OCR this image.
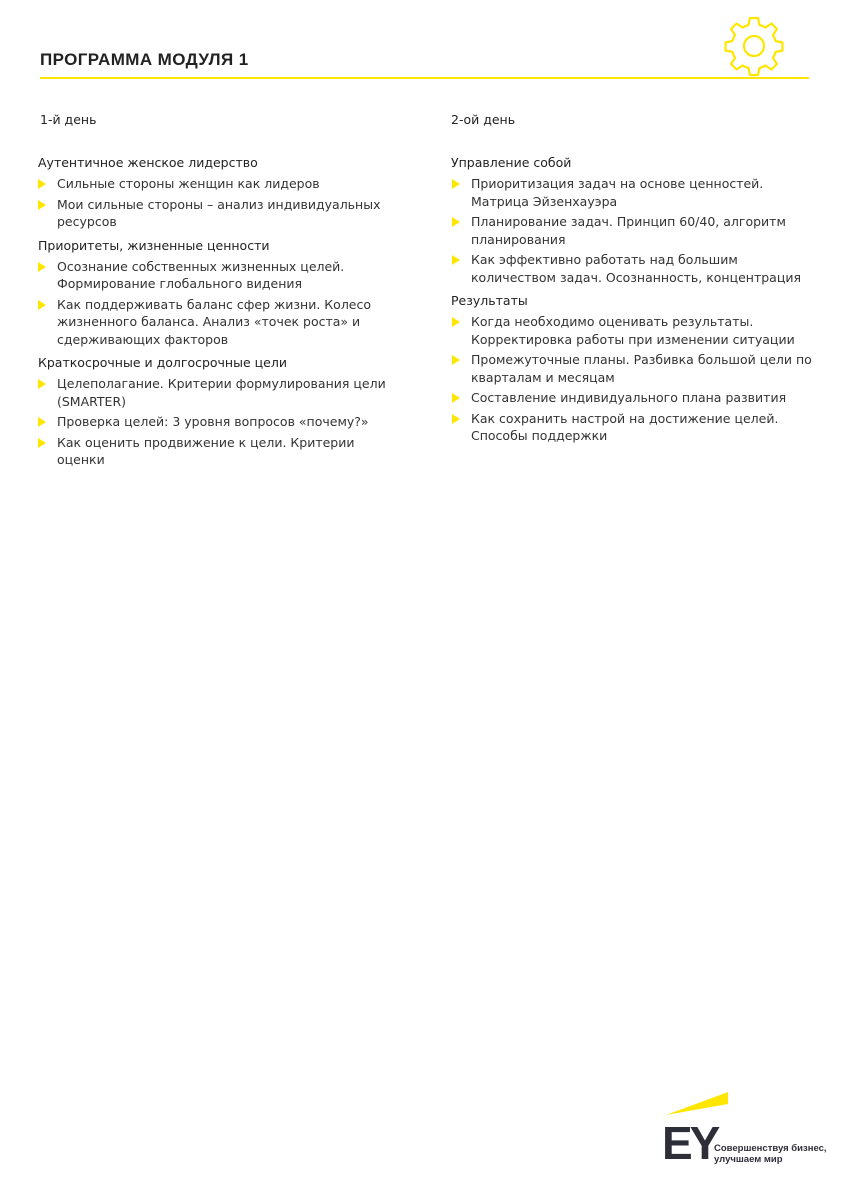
ПРОГРАММА МОДУЛЯ 1
1-й день
Аутентичное женское лидерство
Сильные стороны женщин как лидеров
Мои сильные стороны – анализ индивидуальных ресурсов
Приоритеты, жизненные ценности
Осознание собственных жизненных целей. Формирование глобального видения
Как поддерживать баланс сфер жизни. Колесо жизненного баланса. Анализ «точек роста» и сдерживающих факторов
Краткосрочные и долгосрочные цели
Целеполагание. Критерии формулирования цели (SMARTER)
Проверка целей: 3 уровня вопросов «почему?»
Как оценить продвижение к цели. Критерии оценки
2-ой день
Управление собой
Приоритизация задач на основе ценностей. Матрица Эйзенхауэра
Планирование задач. Принцип 60/40, алгоритм планирования
Как эффективно работать над большим количеством задач. Осознанность, концентрация
Результаты
Когда необходимо оценивать результаты. Корректировка работы при изменении ситуации
Промежуточные планы. Разбивка большой цели по кварталам и месяцам
Составление индивидуального плана развития
Как сохранить настрой на достижение целей. Способы поддержки
EY
Совершенствуя бизнес,
улучшаем мир
